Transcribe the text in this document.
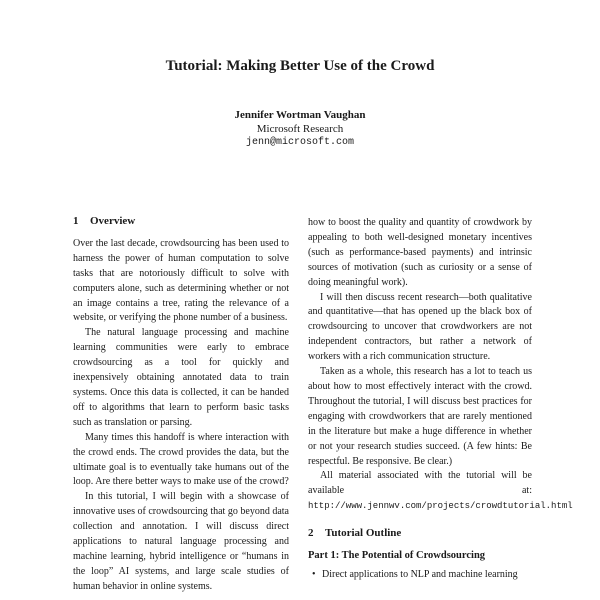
Tutorial: Making Better Use of the Crowd
Jennifer Wortman Vaughan
Microsoft Research
jenn@microsoft.com
1 Overview

Over the last decade, crowdsourcing has been used to harness the power of human computation to solve tasks that are notoriously difficult to solve with computers alone, such as determining whether or not an image contains a tree, rating the relevance of a website, or verifying the phone number of a business.

The natural language processing and machine learning communities were early to embrace crowdsourcing as a tool for quickly and inexpensively obtaining annotated data to train systems. Once this data is collected, it can be handed off to algorithms that learn to perform basic tasks such as translation or parsing.

Many times this handoff is where interaction with the crowd ends. The crowd provides the data, but the ultimate goal is to eventually take humans out of the loop. Are there better ways to make use of the crowd?

In this tutorial, I will begin with a showcase of innovative uses of crowdsourcing that go beyond data collection and annotation. I will discuss direct applications to natural language processing and machine learning, hybrid intelligence or “humans in the loop” AI systems, and large scale studies of human behavior in online systems.

how to boost the quality and quantity of crowdwork by appealing to both well-designed monetary incentives (such as performance-based payments) and intrinsic sources of motivation (such as curiosity or a sense of doing meaningful work).

I will then discuss recent research—both qualitative and quantitative—that has opened up the black box of crowdsourcing to uncover that crowdworkers are not independent contractors, but rather a network of workers with a rich communication structure.

Taken as a whole, this research has a lot to teach us about how to most effectively interact with the crowd. Throughout the tutorial, I will discuss best practices for engaging with crowdworkers that are rarely mentioned in the literature but make a huge difference in whether or not your research studies succeed. (A few hints: Be respectful. Be responsive. Be clear.)

All material associated with the tutorial will be available at: http://www.jennwv.com/projects/crowdtutorial.html

2 Tutorial Outline
Part 1: The Potential of Crowdsourcing
• Direct applications to NLP and machine learning
